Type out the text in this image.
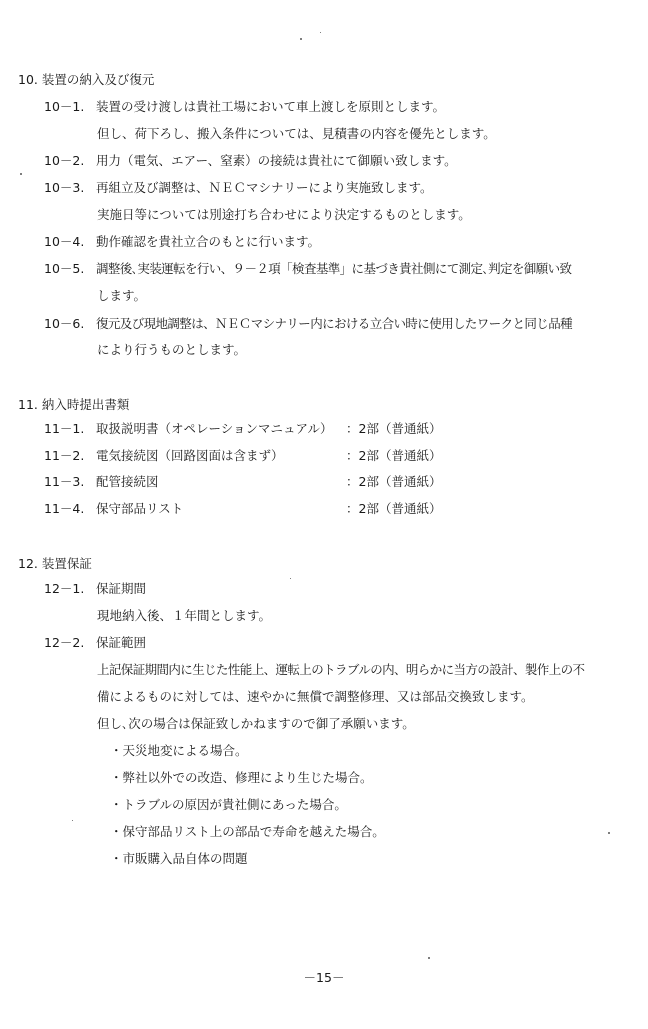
10. 装置の納入及び復元
10－1. 装置の受け渡しは貴社工場において車上渡しを原則とします。
但し、荷下ろし、搬入条件については、見積書の内容を優先とします。
10－2. 用力（電気、エアー、窒素）の接続は貴社にて御願い致します。
10－3. 再組立及び調整は、ＮＥＣマシナリーにより実施致します。
実施日等については別途打ち合わせにより決定するものとします。
10－4. 動作確認を貴社立合のもとに行います。
10－5. 調整後､実装運転を行い、９－２項「検査基準」に基づき貴社側にて測定､判定を御願い致
します。
10－6. 復元及び現地調整は、ＮＥＣマシナリー内における立合い時に使用したワークと同じ品種
により行うものとします。
11. 納入時提出書類
11－1. 取扱説明書（オペレーションマニュアル） ：2部（普通紙）
11－2. 電気接続図（回路図面は含まず）	：2部（普通紙）
11－3. 配管接続図	：2部（普通紙）
11－4. 保守部品リスト	：2部（普通紙）
12. 装置保証
12－1. 保証期間
現地納入後、１年間とします。
12－2. 保証範囲
上記保証期間内に生じた性能上、運転上のトラブルの内、明らかに当方の設計、製作上の不
備によるものに対しては、速やかに無償で調整修理、又は部品交換致します。
但し､次の場合は保証致しかねますので御了承願います。
・天災地変による場合。
・弊社以外での改造、修理により生じた場合。
・トラブルの原因が貴社側にあった場合。
・保守部品リスト上の部品で寿命を越えた場合。
・市販購入品自体の問題
－15－
